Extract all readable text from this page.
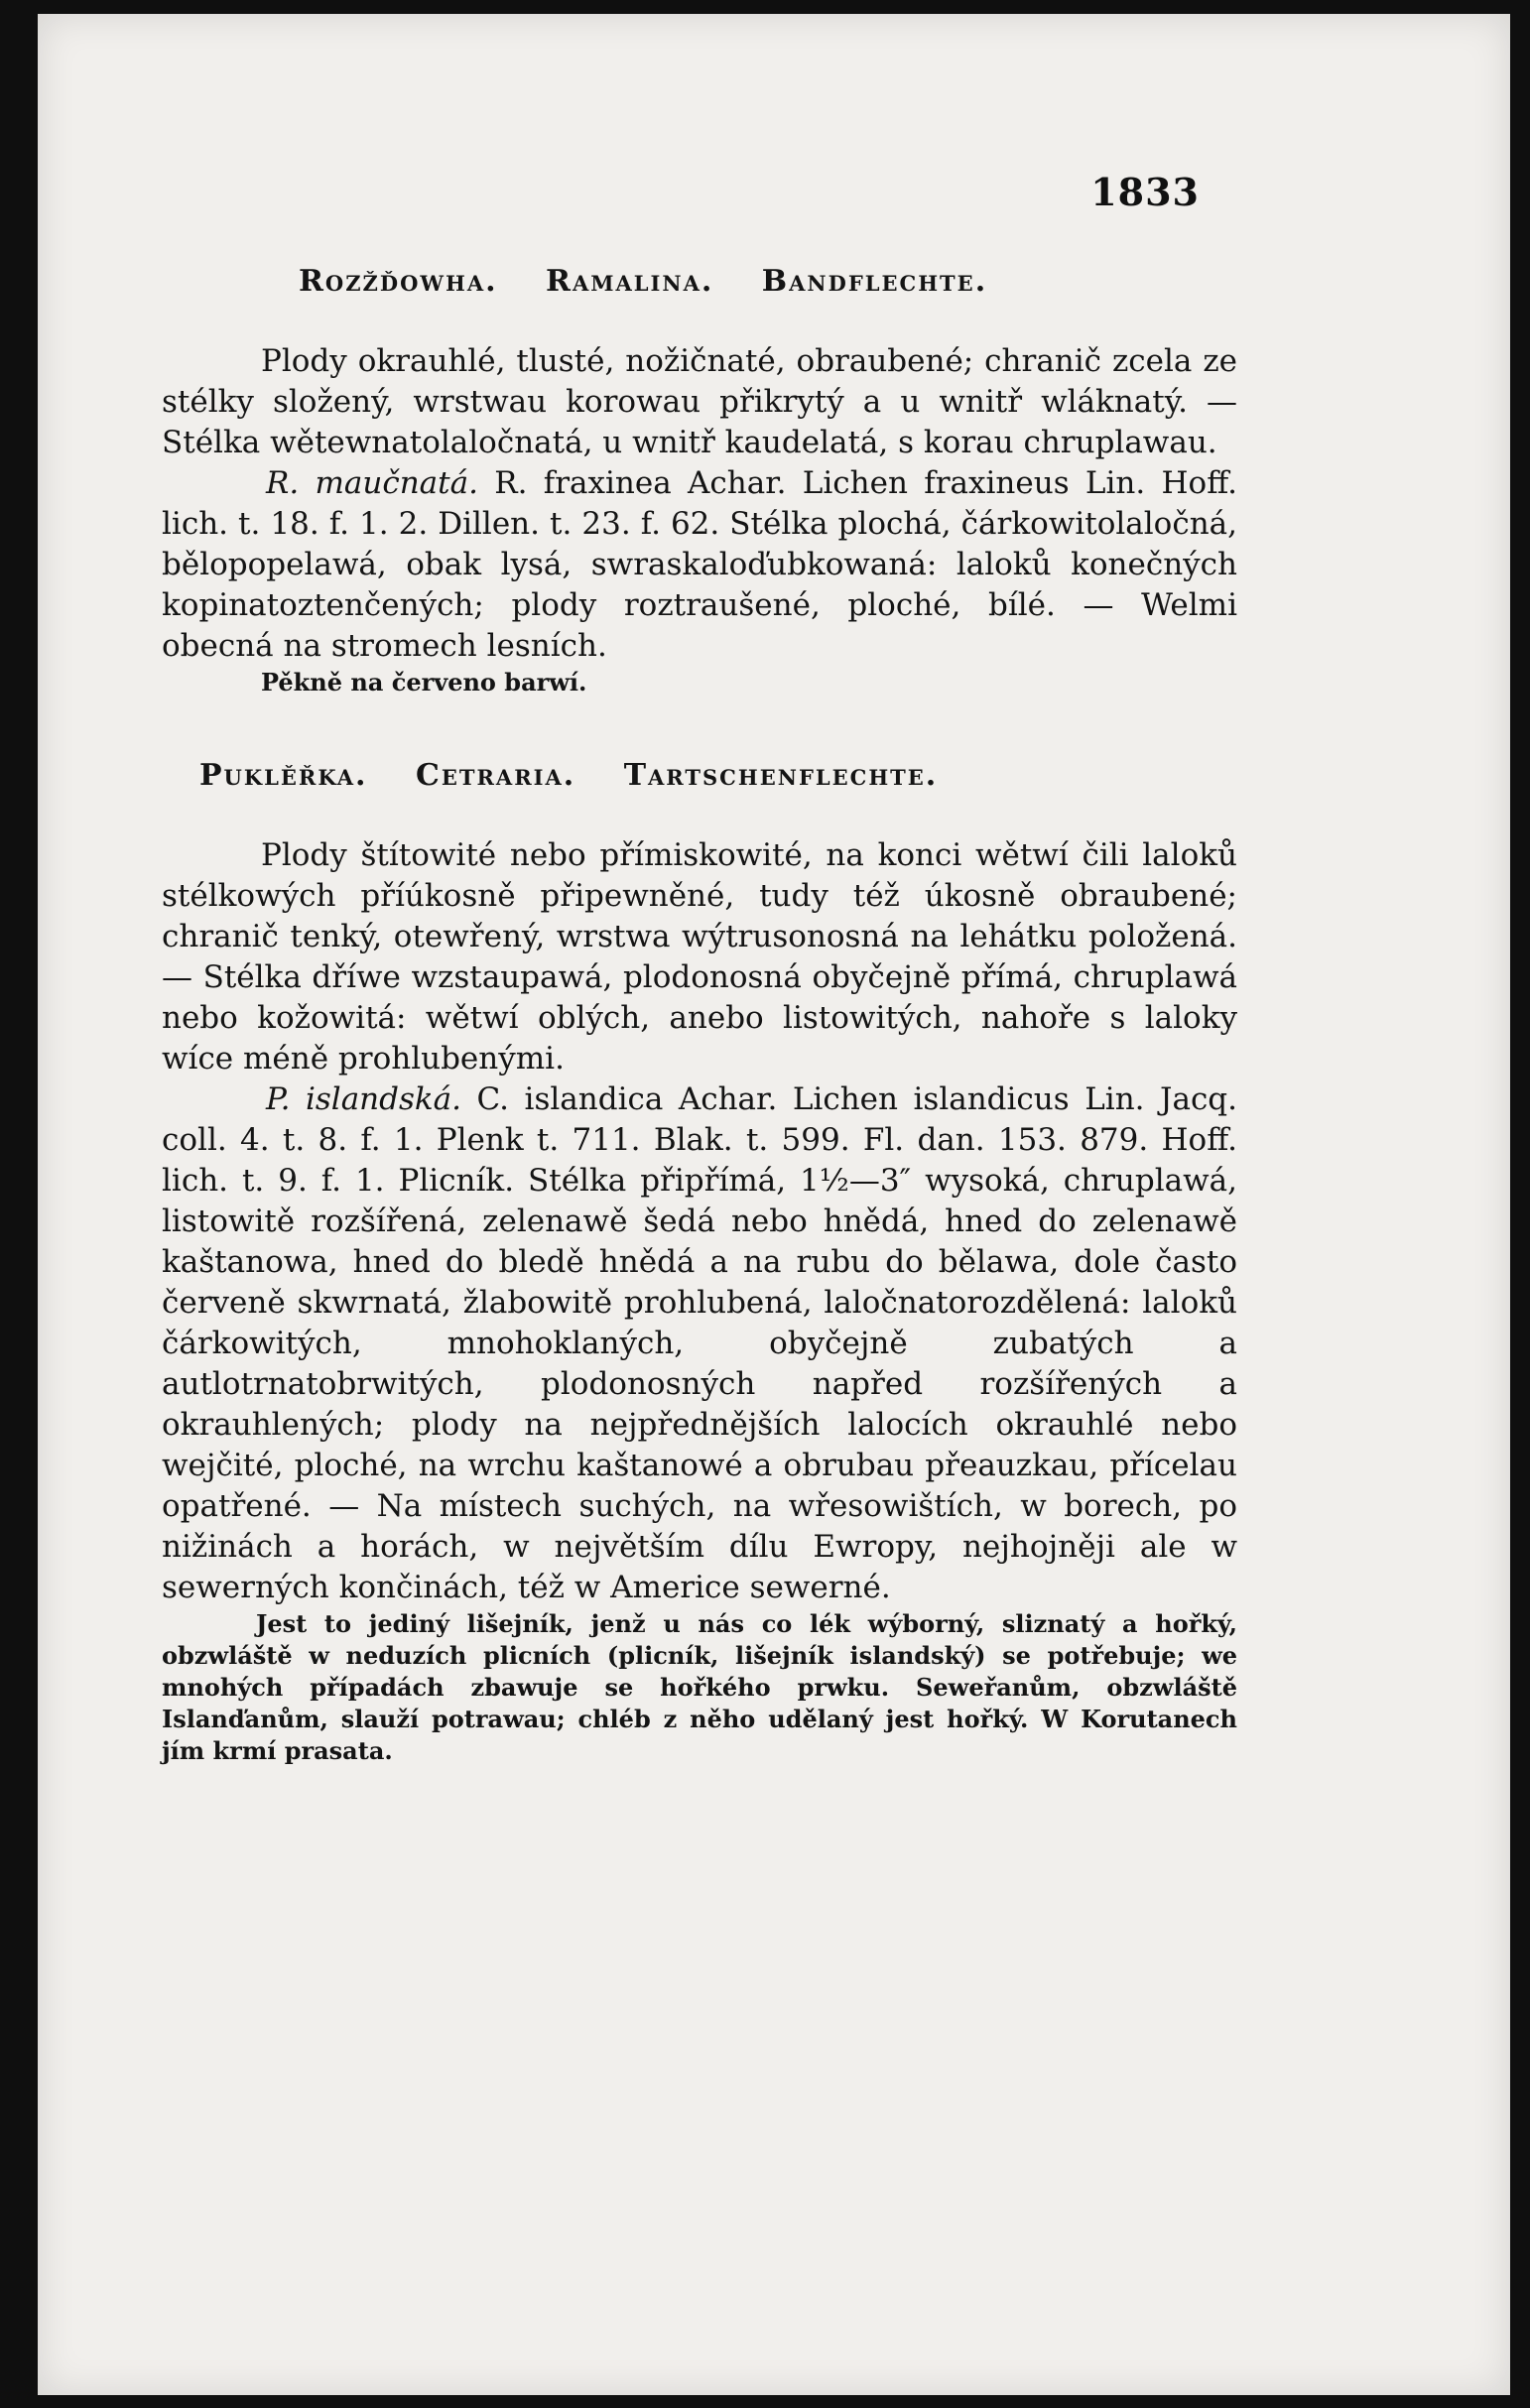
1833
Rozžďowha. Ramalina. Bandflechte.

Plody okrauhlé, tlusté, nožičnaté, obraubené; chranič zcela ze stélky složený, wrstwau korowau přikrytý a u wnitř wláknatý. — Stélka wětewnatolaločnatá, u wnitř kaudelatá, s korau chruplawau.

R. maučnatá. R. fraxinea Achar. Lichen fraxineus Lin. Hoff. lich. t. 18. f. 1. 2. Dillen. t. 23. f. 62. Stélka plochá, čárkowitolaločná, bělopopelawá, obak lysá, swraskaloďubkowaná: laloků konečných kopinatoztenčených; plody roztraušené, ploché, bílé. — Welmi obecná na stromech lesních.

Pěkně na červeno barwí.

Puklěřka. Cetraria. Tartschenflechte.

Plody štítowité nebo přímiskowité, na konci wětwí čili laloků stélkowých příúkosně připewněné, tudy též úkosně obraubené; chranič tenký, otewřený, wrstwa wýtrusonosná na lehátku položená. — Stélka dříwe wzstaupawá, plodonosná obyčejně přímá, chruplawá nebo kožowitá: wětwí oblých, anebo listowitých, nahoře s laloky wíce méně prohlubenými.

P. islandská. C. islandica Achar. Lichen islandicus Lin. Jacq. coll. 4. t. 8. f. 1. Plenk t. 711. Blak. t. 599. Fl. dan. 153. 879. Hoff. lich. t. 9. f. 1. Plicník. Stélka připřímá, 1½—3″ wysoká, chruplawá, listowitě rozšířená, zelenawě šedá nebo hnědá, hned do zelenawě kaštanowa, hned do bledě hnědá a na rubu do bělawa, dole často červeně skwrnatá, žlabowitě prohlubená, laločnatorozdělená: laloků čárkowitých, mnohoklaných, obyčejně zubatých a autlotrnatobrwitých, plodonosných napřed rozšířených a okrauhlených; plody na nejpřednějších lalocích okrauhlé nebo wejčité, ploché, na wrchu kaštanowé a obrubau přeauzkau, přícelau opatřené. — Na místech suchých, na wřesowištích, w borech, po nižinách a horách, w největším dílu Ewropy, nejhojněji ale w sewerných končinách, též w Americe sewerné.

Jest to jediný lišejník, jenž u nás co lék wýborný, sliznatý a hořký, obzwláště w neduzích plicních (plicník, lišejník islandský) se potřebuje; we mnohých případách zbawuje se hořkého prwku. Seweřanům, obzwláště Islanďanům, slauží potrawau; chléb z něho udělaný jest hořký. W Korutanech jím krmí prasata.
